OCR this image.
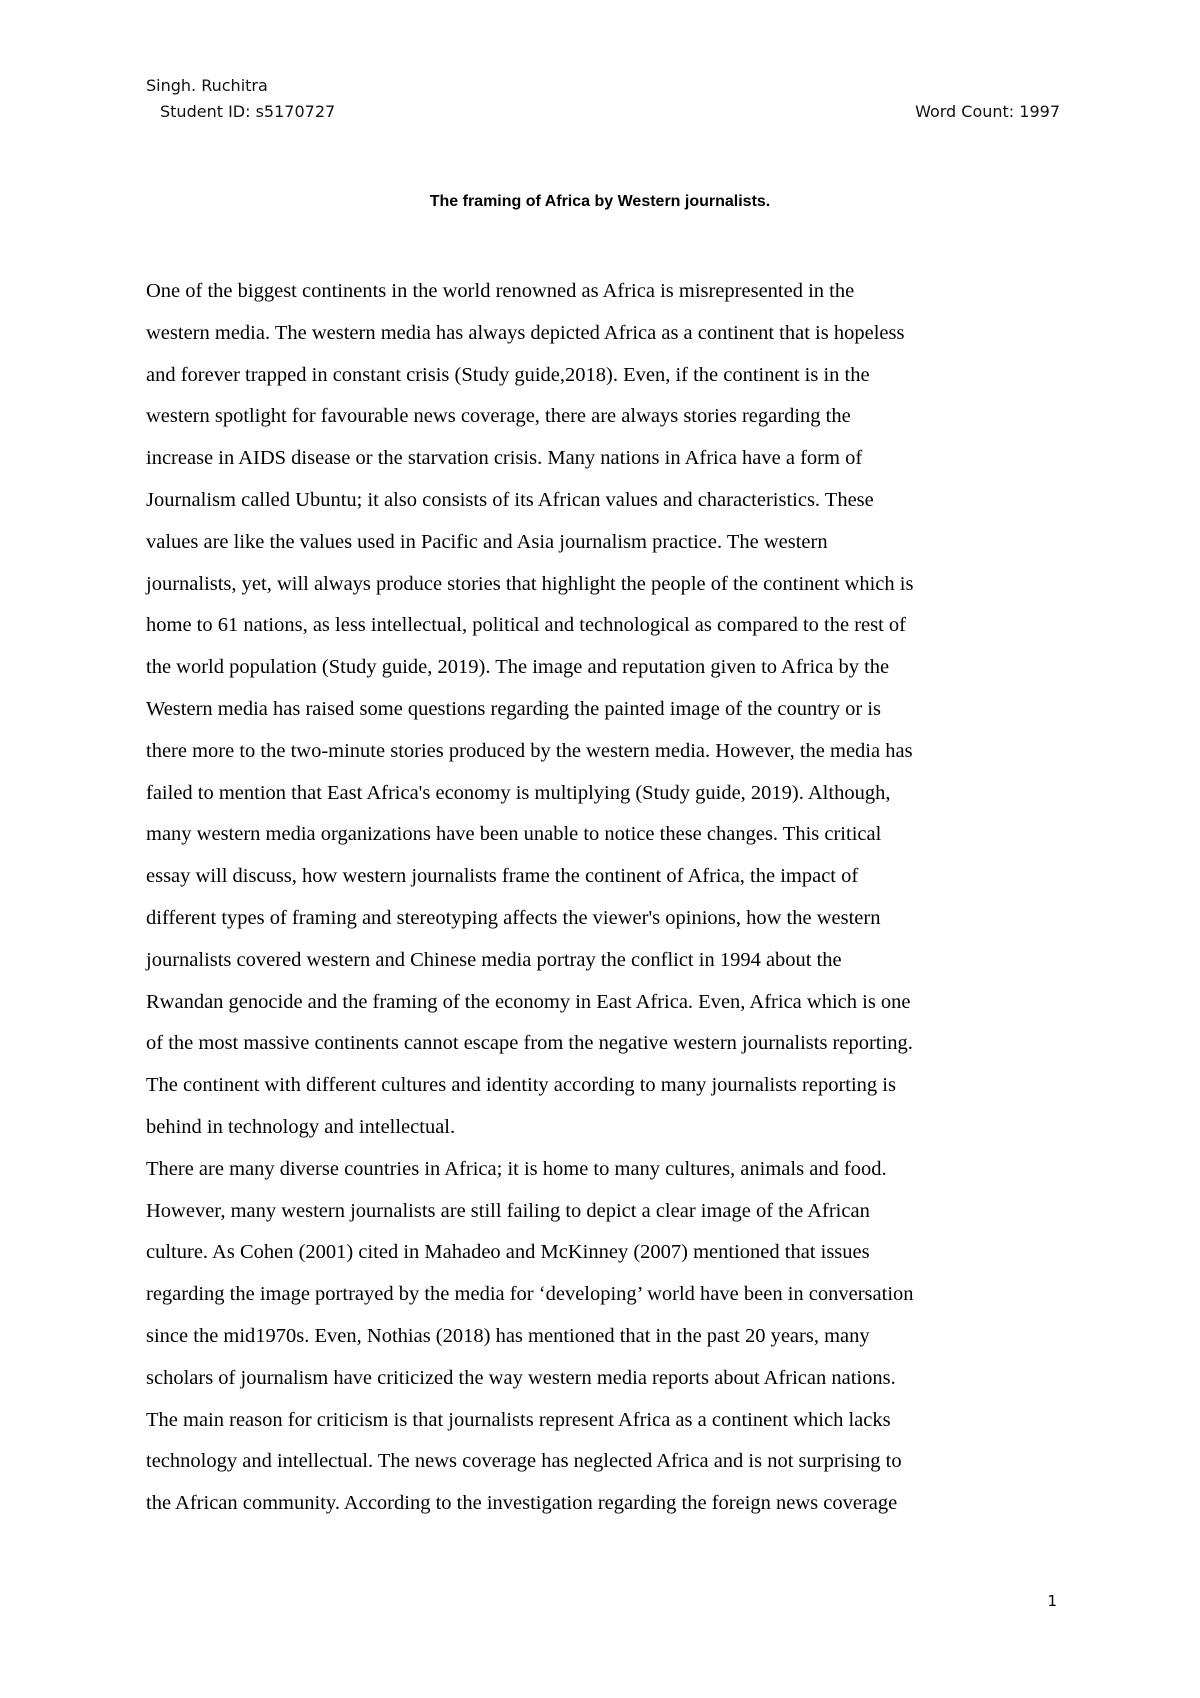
Singh. Ruchitra
Student ID: s5170727	Word Count: 1997
The framing of Africa by Western journalists.
One of the biggest continents in the world renowned as Africa is misrepresented in the
western media. The western media has always depicted Africa as a continent that is hopeless
and forever trapped in constant crisis (Study guide,2018). Even, if the continent is in the
western spotlight for favourable news coverage, there are always stories regarding the
increase in AIDS disease or the starvation crisis. Many nations in Africa have a form of
Journalism called Ubuntu; it also consists of its African values and characteristics. These
values are like the values used in Pacific and Asia journalism practice. The western
journalists, yet, will always produce stories that highlight the people of the continent which is
home to 61 nations, as less intellectual, political and technological as compared to the rest of
the world population (Study guide, 2019). The image and reputation given to Africa by the
Western media has raised some questions regarding the painted image of the country or is
there more to the two-minute stories produced by the western media. However, the media has
failed to mention that East Africa's economy is multiplying (Study guide, 2019). Although,
many western media organizations have been unable to notice these changes. This critical
essay will discuss, how western journalists frame the continent of Africa, the impact of
different types of framing and stereotyping affects the viewer's opinions, how the western
journalists covered western and Chinese media portray the conflict in 1994 about the
Rwandan genocide and the framing of the economy in East Africa. Even, Africa which is one
of the most massive continents cannot escape from the negative western journalists reporting.
The continent with different cultures and identity according to many journalists reporting is
behind in technology and intellectual.
There are many diverse countries in Africa; it is home to many cultures, animals and food.
However, many western journalists are still failing to depict a clear image of the African
culture. As Cohen (2001) cited in Mahadeo and McKinney (2007) mentioned that issues
regarding the image portrayed by the media for ‘developing’ world have been in conversation
since the mid1970s. Even, Nothias (2018) has mentioned that in the past 20 years, many
scholars of journalism have criticized the way western media reports about African nations.
The main reason for criticism is that journalists represent Africa as a continent which lacks
technology and intellectual. The news coverage has neglected Africa and is not surprising to
the African community. According to the investigation regarding the foreign news coverage
1
